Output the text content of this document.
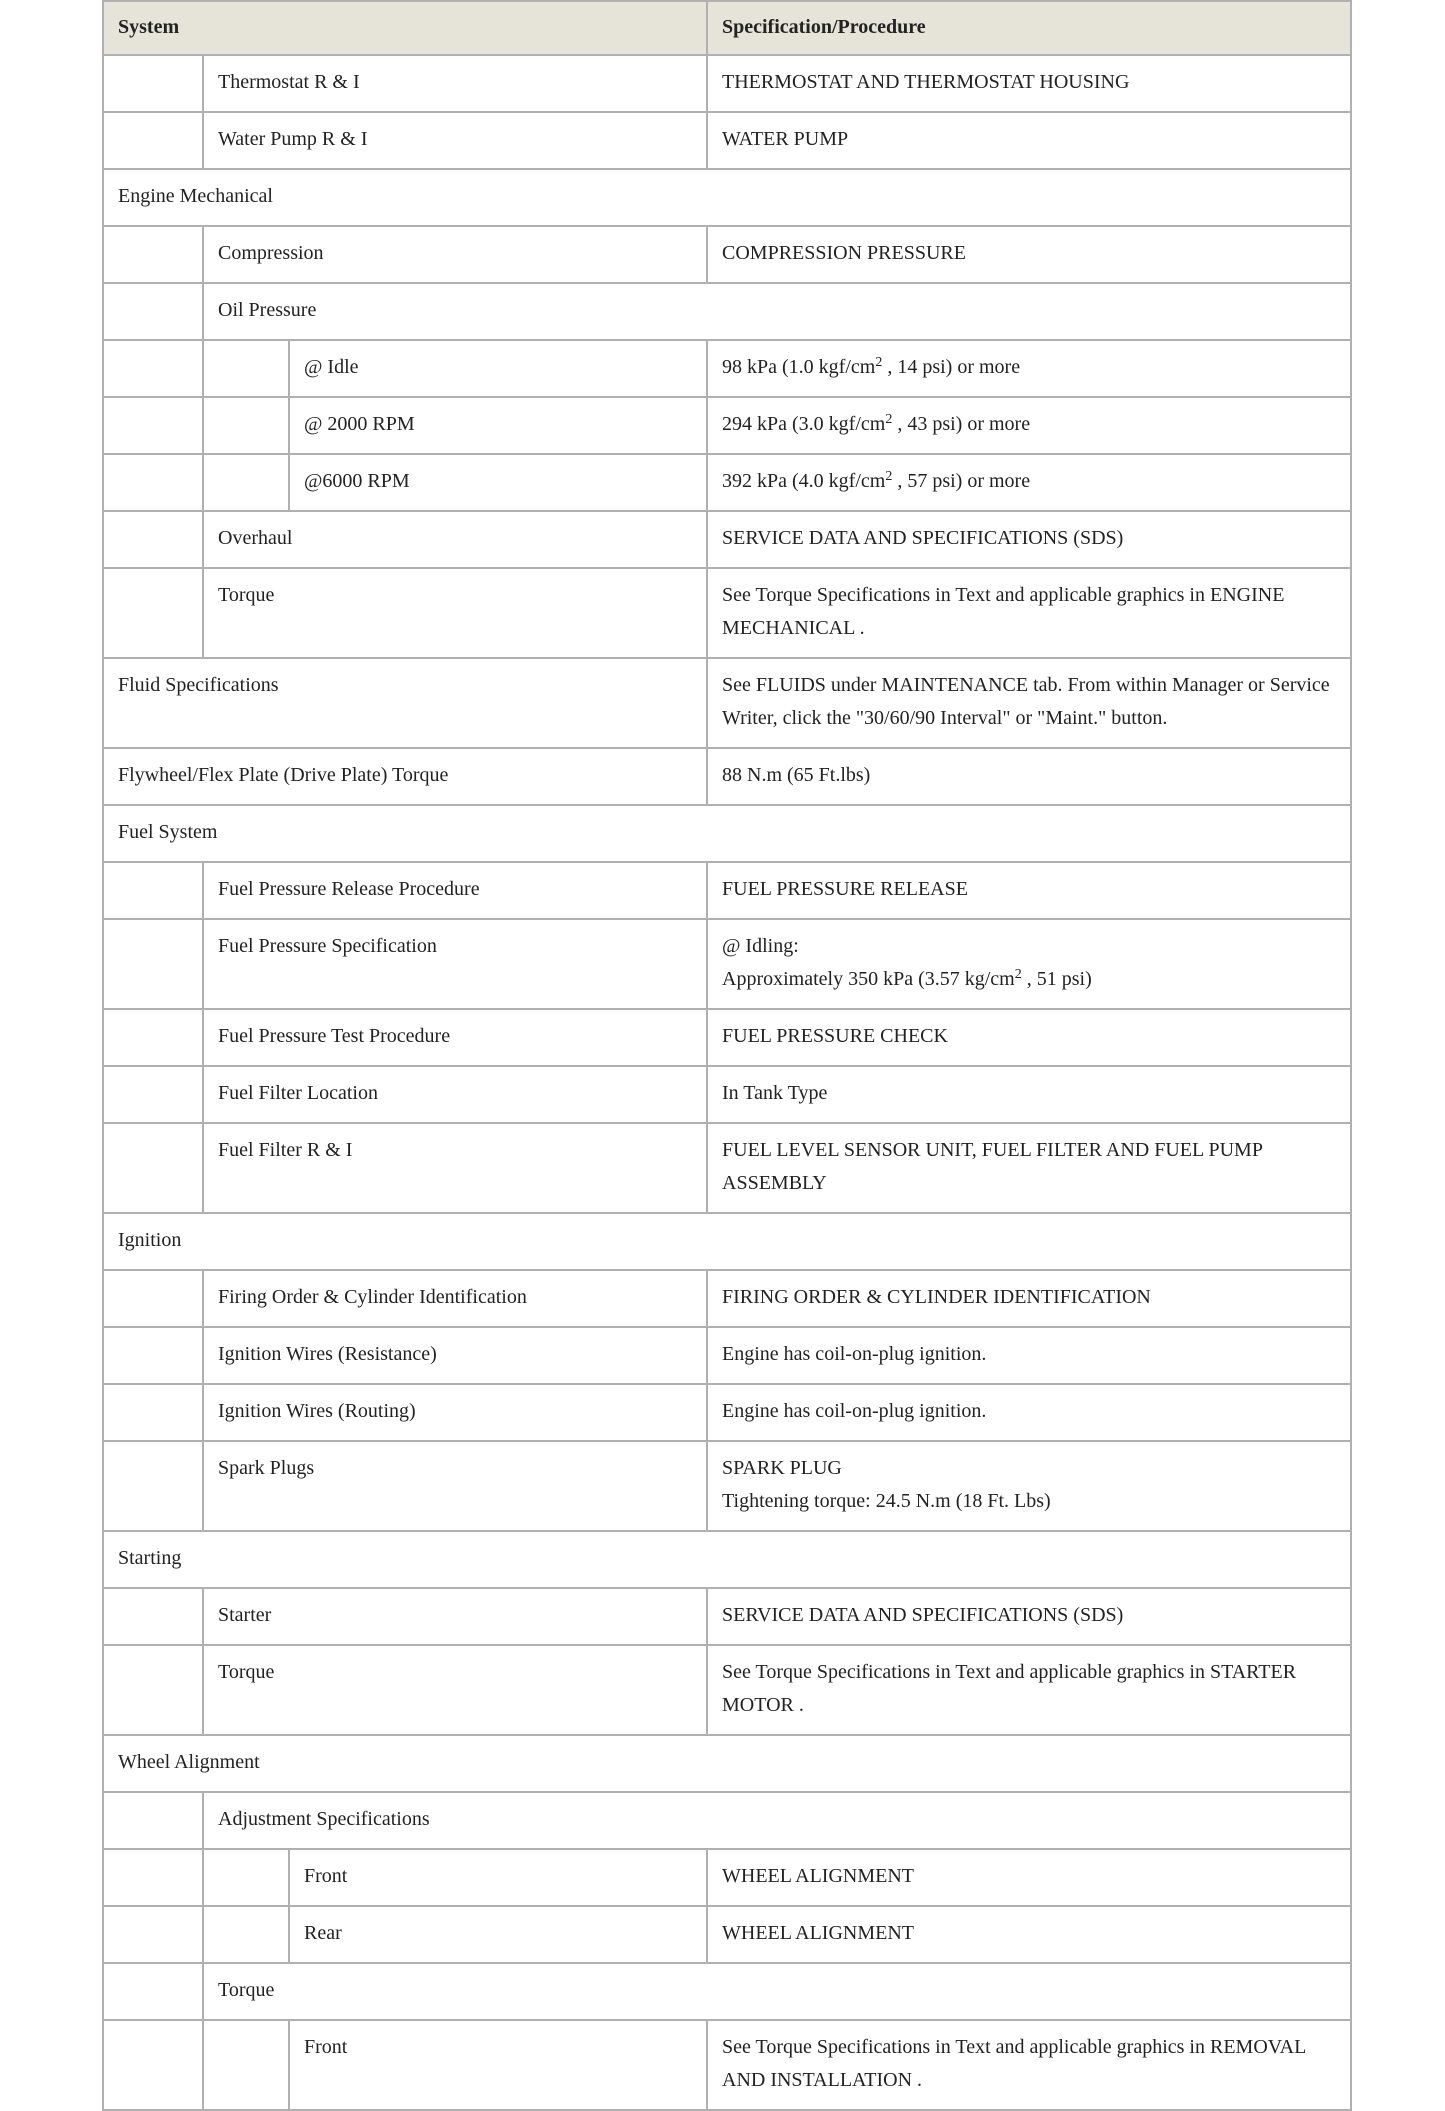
System			Specification/Procedure
	Thermostat R & I		THERMOSTAT AND THERMOSTAT HOUSING
	Water Pump R & I		WATER PUMP
Engine Mechanical			
	Compression		COMPRESSION PRESSURE
	Oil Pressure		
		@ Idle	98 kPa (1.0 kgf/$cm^2$ , 14 psi) or more
		@ 2000 RPM	294 kPa (3.0 kgf/$cm^2$ , 43 psi) or more
		@6000 RPM	392 kPa (4.0 kgf/$cm^2$ , 57 psi) or more
	Overhaul		SERVICE DATA AND SPECIFICATIONS (SDS)
	Torque		See Torque Specifications in Text and applicable graphics in ENGINE MECHANICAL .
Fluid Specifications			See FLUIDS under MAINTENANCE tab. From within Manager or Service Writer, click the "30/60/90 Interval" or "Maint." button.
Flywheel/Flex Plate (Drive Plate) Torque			88 N.m (65 Ft.lbs)
Fuel System			
	Fuel Pressure Release Procedure		FUEL PRESSURE RELEASE
	Fuel Pressure Specification		@ Idling:
Approximately 350 kPa (3.57 $kg/cm^2$ , 51 psi)

	Fuel Pressure Test Procedure		FUEL PRESSURE CHECK
	Fuel Filter Location		In Tank Type
	Fuel Filter R & I		FUEL LEVEL SENSOR UNIT, FUEL FILTER AND FUEL PUMP ASSEMBLY
Ignition			
	Firing Order & Cylinder Identification		FIRING ORDER & CYLINDER IDENTIFICATION
	Ignition Wires (Resistance)		Engine has coil-on-plug ignition.
	Ignition Wires (Routing)		Engine has coil-on-plug ignition.
	Spark Plugs		SPARK PLUG
Tightening torque: 24.5 N.m (18 Ft. Lbs)

Starting			
	Starter		SERVICE DATA AND SPECIFICATIONS (SDS)
	Torque		See Torque Specifications in Text and applicable graphics in STARTER MOTOR .
Wheel Alignment			
	Adjustment Specifications		
		Front	WHEEL ALIGNMENT
		Rear	WHEEL ALIGNMENT
	Torque		
		Front	See Torque Specifications in Text and applicable graphics in REMOVAL AND INSTALLATION .
